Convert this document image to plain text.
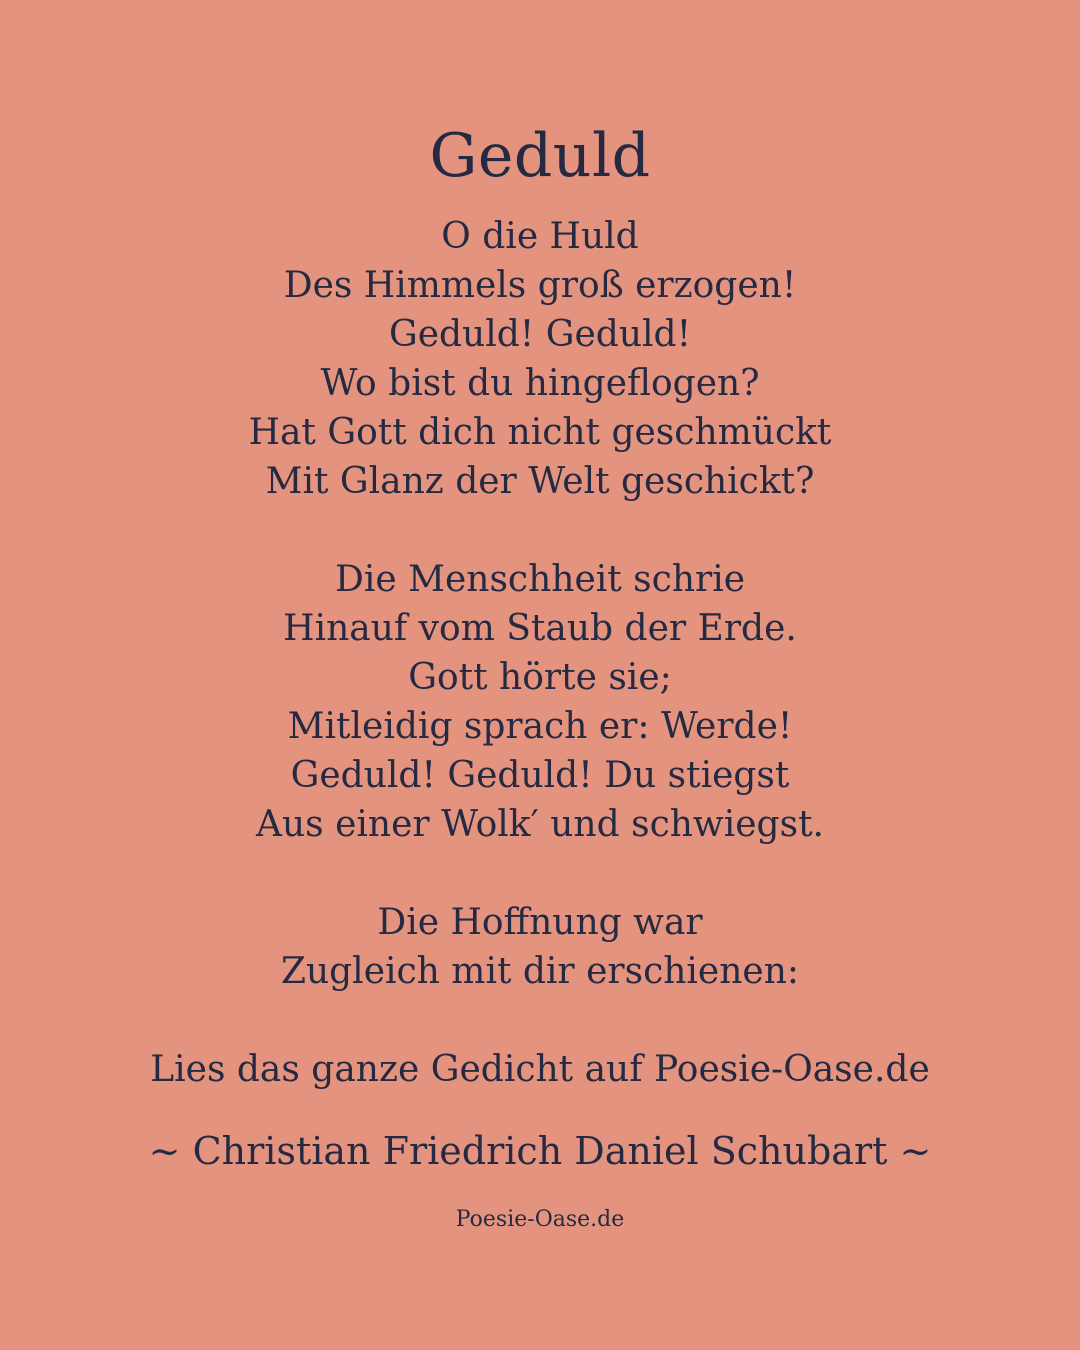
Geduld
O die Huld
Des Himmels groß erzogen!
Geduld! Geduld!
Wo bist du hingeflogen?
Hat Gott dich nicht geschmückt
Mit Glanz der Welt geschickt?
Die Menschheit schrie
Hinauf vom Staub der Erde.
Gott hörte sie;
Mitleidig sprach er: Werde!
Geduld! Geduld! Du stiegst
Aus einer Wolk′ und schwiegst.
Die Hoffnung war
Zugleich mit dir erschienen:
Lies das ganze Gedicht auf Poesie-Oase.de
~ Christian Friedrich Daniel Schubart ~
Poesie-Oase.de
